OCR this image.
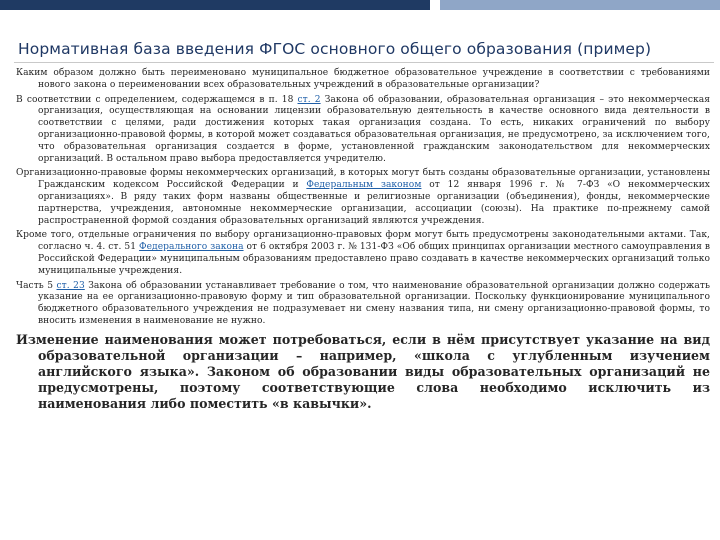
Нормативная база введения ФГОС основного общего образования (пример)

Каким образом должно быть переименовано муниципальное бюджетное образовательное учреждение в соответствии с требованиями нового закона о переименовании всех образовательных учреждений в образовательные организации?

В соответствии с определением, содержащемся в п. 18 ст. 2 Закона об образовании, образовательная организация – это некоммерческая организация, осуществляющая на основании лицензии образовательную деятельность в качестве основного вида деятельности в соответствии с целями, ради достижения которых такая организация создана. То есть, никаких ограничений по выбору организационно-правовой формы, в которой может создаваться образовательная организация, не предусмотрено, за исключением того, что образовательная организация создается в форме, установленной гражданским законодательством для некоммерческих организаций. В остальном право выбора предоставляется учредителю.

Организационно-правовые формы некоммерческих организаций, в которых могут быть созданы образовательные организации, установлены Гражданским кодексом Российской Федерации и Федеральным законом от 12 января 1996 г. № 7-ФЗ «О некоммерческих организациях». В ряду таких форм названы общественные и религиозные организации (объединения), фонды, некоммерческие партнерства, учреждения, автономные некоммерческие организации, ассоциации (союзы). На практике по-прежнему самой распространенной формой создания образовательных организаций являются учреждения.

Кроме того, отдельные ограничения по выбору организационно-правовых форм могут быть предусмотрены законодательными актами. Так, согласно ч. 4. ст. 51 Федерального закона от 6 октября 2003 г. № 131-ФЗ «Об общих принципах организации местного самоуправления в Российской Федерации» муниципальным образованиям предоставлено право создавать в качестве некоммерческих организаций только муниципальные учреждения.

Часть 5 ст. 23 Закона об образовании устанавливает требование о том, что наименование образовательной организации должно содержать указание на ее организационно-правовую форму и тип образовательной организации. Поскольку функционирование муниципального бюджетного образовательного учреждения не подразумевает ни смену названия типа, ни смену организационно-правовой формы, то вносить изменения в наименование не нужно.

Изменение наименования может потребоваться, если в нём присутствует указание на вид образовательной организации – например, «школа с углубленным изучением английского языка». Законом об образовании виды образовательных организаций не предусмотрены, поэтому соответствующие слова необходимо исключить из наименования либо поместить «в кавычки».
